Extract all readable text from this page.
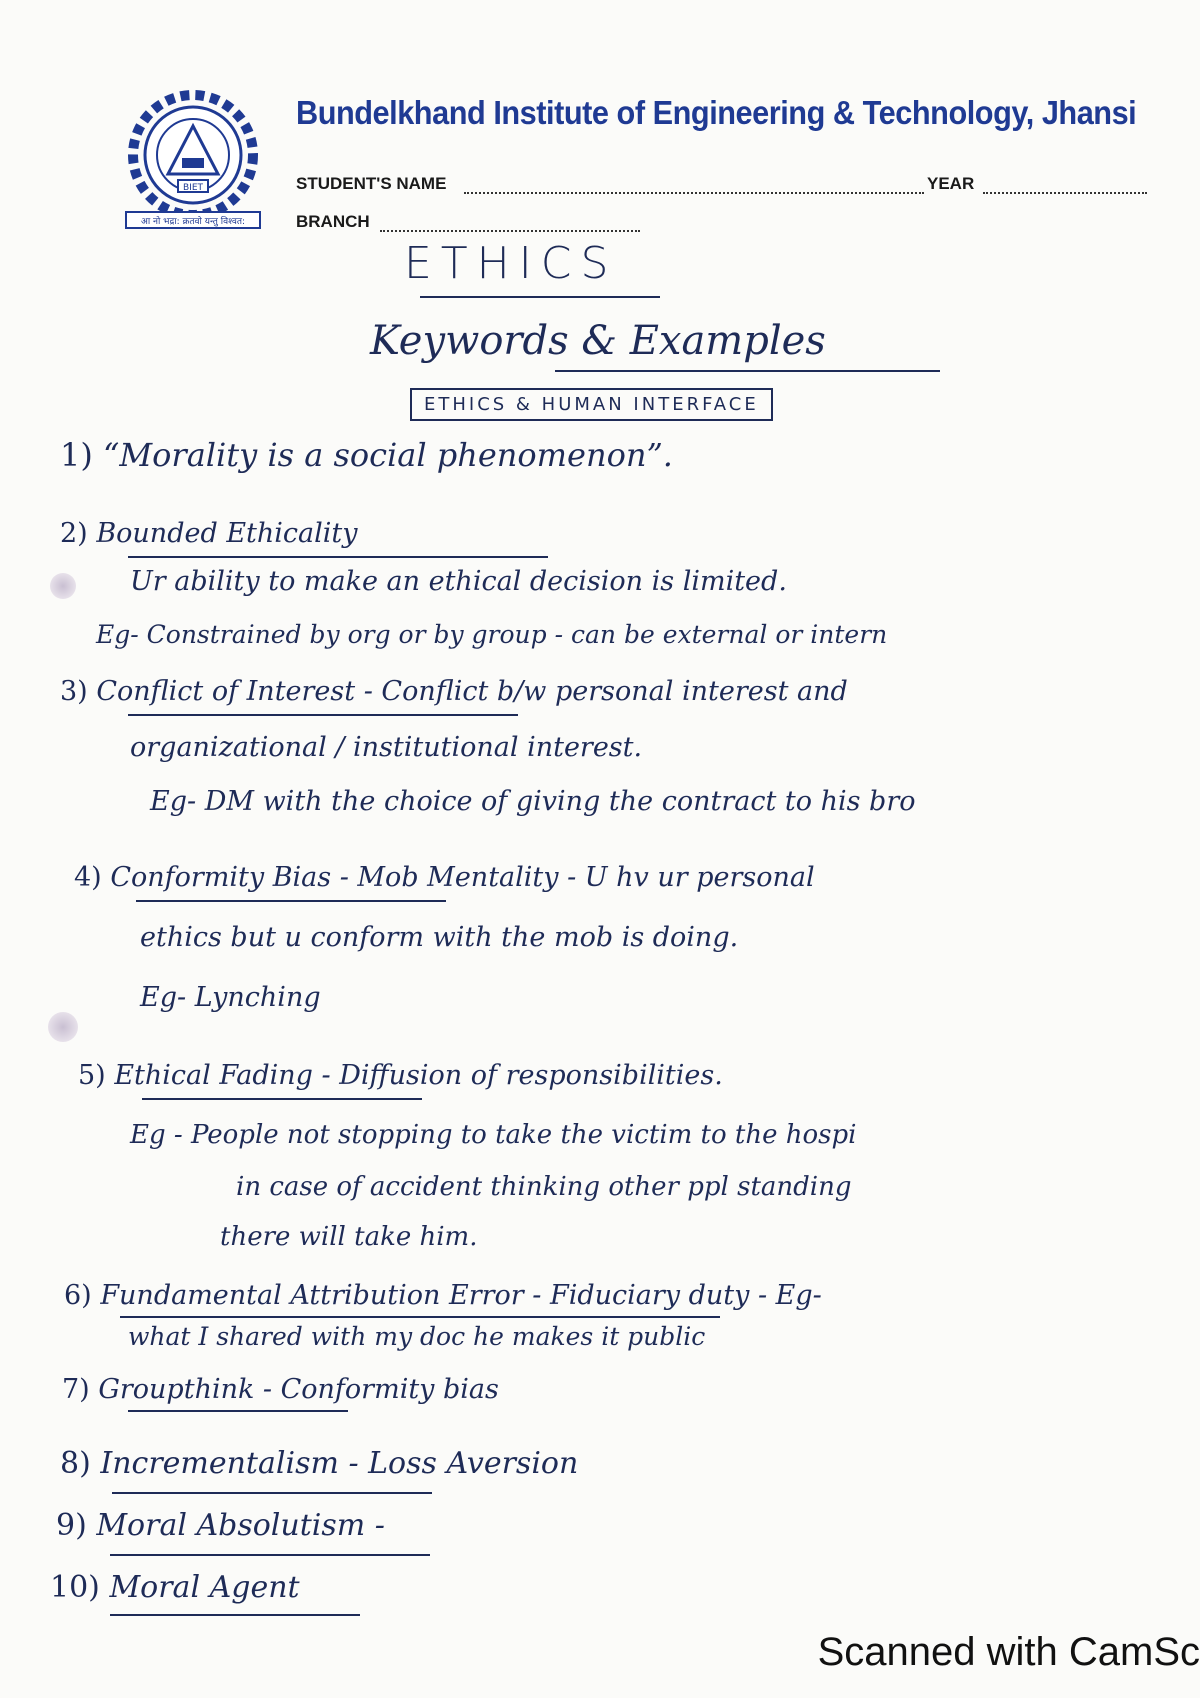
BIET
आ नो भद्रा: क्रतवो यन्तु विश्वत:
Bundelkhand Institute of Engineering & Technology, Jhansi
STUDENT'S NAME	YEAR
BRANCH
ETHICS
Keywords & Examples
ETHICS & HUMAN INTERFACE
1) “Morality is a social phenomenon”.
2) Bounded Ethicality
Ur ability to make an ethical decision is limited.
Eg- Constrained by org or by group - can be external or intern
3) Conflict of Interest - Conflict b/w personal interest and
organizational / institutional interest.
Eg- DM with the choice of giving the contract to his bro
4) Conformity Bias - Mob Mentality - U hv ur personal
ethics but u conform with the mob is doing.
Eg- Lynching
5) Ethical Fading - Diffusion of responsibilities.
Eg - People not stopping to take the victim to the hospi
in case of accident thinking other ppl standing
there will take him.
6) Fundamental Attribution Error - Fiduciary duty - Eg-
what I shared with my doc he makes it public
7) Groupthink - Conformity bias
8) Incrementalism - Loss Aversion
9) Moral Absolutism -
10) Moral Agent
Scanned with CamSc
